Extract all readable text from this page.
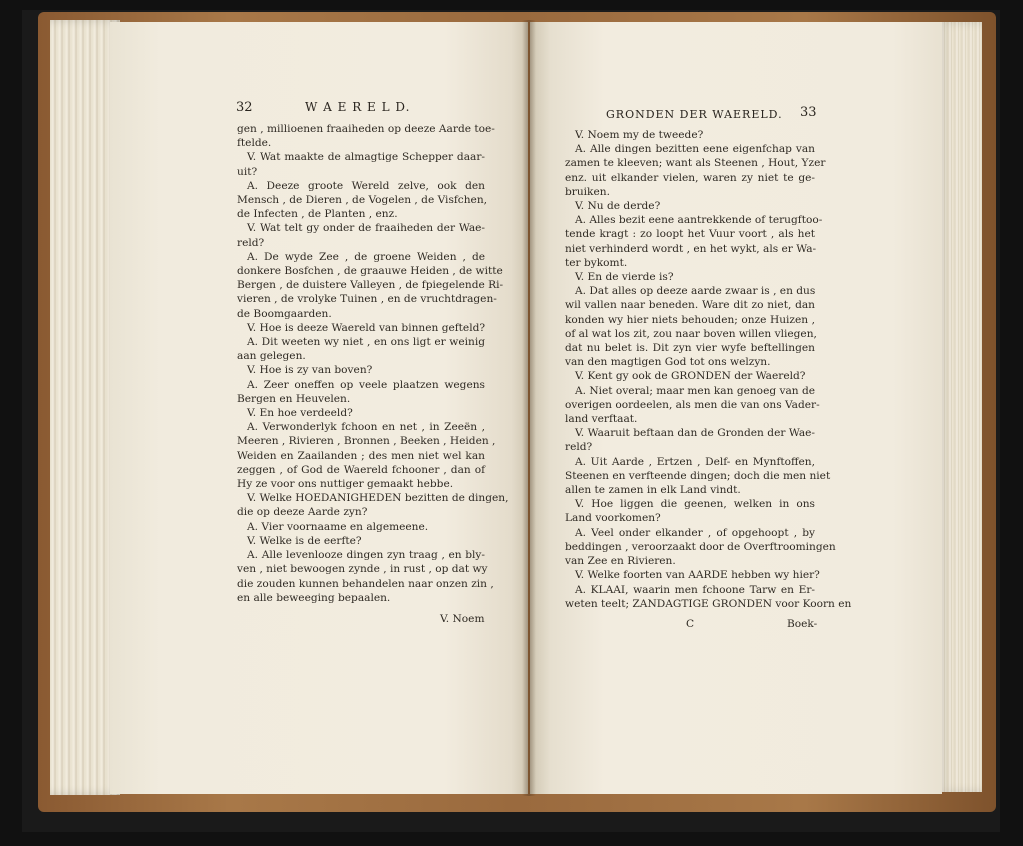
32	W A E R E L D.
gen , millioenen fraaiheden op deeze Aarde toe-
ftelde.
V. Wat maakte de almagtige Schepper daar-
uit?
A. Deeze groote Wereld zelve, ook den
Mensch , de Dieren , de Vogelen , de Visfchen,
de Infecten , de Planten , enz.
V. Wat telt gy onder de fraaiheden der Wae-
reld?
A. De wyde Zee , de groene Weiden , de
donkere Bosfchen , de graauwe Heiden , de witte
Bergen , de duistere Valleyen , de fpiegelende Ri-
vieren , de vrolyke Tuinen , en de vruchtdragen-
de Boomgaarden.
V. Hoe is deeze Waereld van binnen gefteld?
A. Dit weeten wy niet , en ons ligt er weinig
aan gelegen.
V. Hoe is zy van boven?
A. Zeer oneffen op veele plaatzen wegens
Bergen en Heuvelen.
V. En hoe verdeeld?
A. Verwonderlyk fchoon en net , in Zeeën ,
Meeren , Rivieren , Bronnen , Beeken , Heiden ,
Weiden en Zaailanden ; des men niet wel kan
zeggen , of God de Waereld fchooner , dan of
Hy ze voor ons nuttiger gemaakt hebbe.
V. Welke HOEDANIGHEDEN bezitten de dingen,
die op deeze Aarde zyn?
A. Vier voornaame en algemeene.
V. Welke is de eerfte?
A. Alle levenlooze dingen zyn traag , en bly-
ven , niet bewoogen zynde , in rust , op dat wy
die zouden kunnen behandelen naar onzen zin ,
en alle beweeging bepaalen.
V. Noem
GRONDEN DER WAERELD. 33
V. Noem my de tweede?
A. Alle dingen bezitten eene eigenfchap van
zamen te kleeven; want als Steenen , Hout, Yzer
enz. uit elkander vielen, waren zy niet te ge-
bruiken.
V. Nu de derde?
A. Alles bezit eene aantrekkende of terugftoo-
tende kragt : zo loopt het Vuur voort , als het
niet verhinderd wordt , en het wykt, als er Wa-
ter bykomt.
V. En de vierde is?
A. Dat alles op deeze aarde zwaar is , en dus
wil vallen naar beneden. Ware dit zo niet, dan
konden wy hier niets behouden; onze Huizen ,
of al wat los zit, zou naar boven willen vliegen,
dat nu belet is. Dit zyn vier wyfe beftellingen
van den magtigen God tot ons welzyn.
V. Kent gy ook de GRONDEN der Waereld?
A. Niet overal; maar men kan genoeg van de
overigen oordeelen, als men die van ons Vader-
land verftaat.
V. Waaruit beftaan dan de Gronden der Wae-
reld?
A. Uit Aarde , Ertzen , Delf- en Mynftoffen,
Steenen en verfteende dingen; doch die men niet
allen te zamen in elk Land vindt.
V. Hoe liggen die geenen, welken in ons
Land voorkomen?
A. Veel onder elkander , of opgehoopt , by
beddingen , veroorzaakt door de Overftroomingen
van Zee en Rivieren.
V. Welke foorten van AARDE hebben wy hier?
A. KLAAI, waarin men fchoone Tarw en Er-
weten teelt; ZANDAGTIGE GRONDEN voor Koorn en
C	Boek-
